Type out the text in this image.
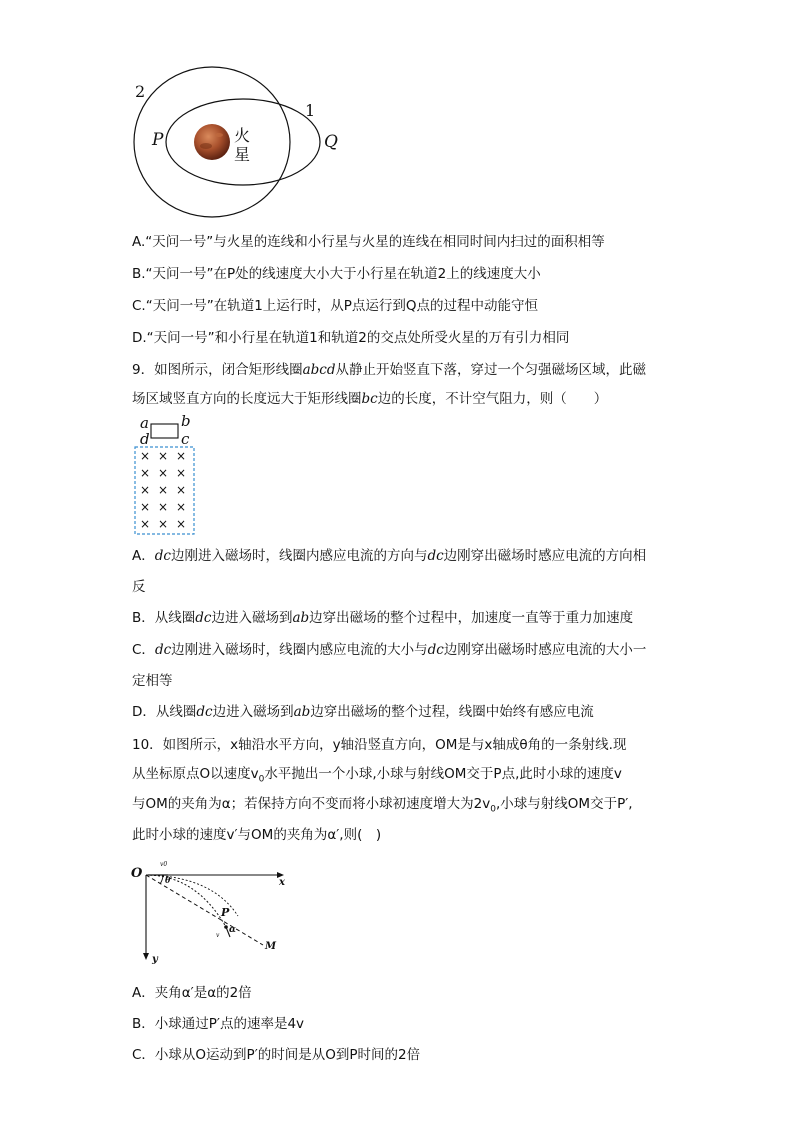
2
1
P	Q
火
星
A.“天问一号”与火星的连线和小行星与火星的连线在相同时间内扫过的面积相等
B.“天问一号”在P处的线速度大小大于小行星在轨道2上的线速度大小
C.“天问一号”在轨道1上运行时，从P点运行到Q点的过程中动能守恒
D.“天问一号”和小行星在轨道1和轨道2的交点处所受火星的万有引力相同
9．如图所示，闭合矩形线圈abcd从静止开始竖直下落，穿过一个匀强磁场区域，此磁
场区域竖直方向的长度远大于矩形线圈bc边的长度，不计空气阻力，则（　　）
a b
d c
× × ×
× × ×
× × ×
× × ×
× × ×
A．dc边刚进入磁场时，线圈内感应电流的方向与dc边刚穿出磁场时感应电流的方向相
反
B．从线圈dc边进入磁场到ab边穿出磁场的整个过程中，加速度一直等于重力加速度
C．dc边刚进入磁场时，线圈内感应电流的大小与dc边刚穿出磁场时感应电流的大小一
定相等
D．从线圈dc边进入磁场到ab边穿出磁场的整个过程，线圈中始终有感应电流
10．如图所示，x轴沿水平方向，y轴沿竖直方向，OM是与x轴成θ角的一条射线.现
从坐标原点O以速度$v_0$水平抛出一个小球,小球与射线OM交于P点,此时小球的速度v
与OM的夹角为α；若保持方向不变而将小球初速度增大为$2v_0$,小球与射线OM交于P′,
此时小球的速度v′与OM的夹角为α′,则(　)
O
x
y
v0
θ
P
v
α
M
A．夹角α′是α的2倍
B．小球通过P′点的速率是4v
C．小球从O运动到P′的时间是从O到P时间的2倍
